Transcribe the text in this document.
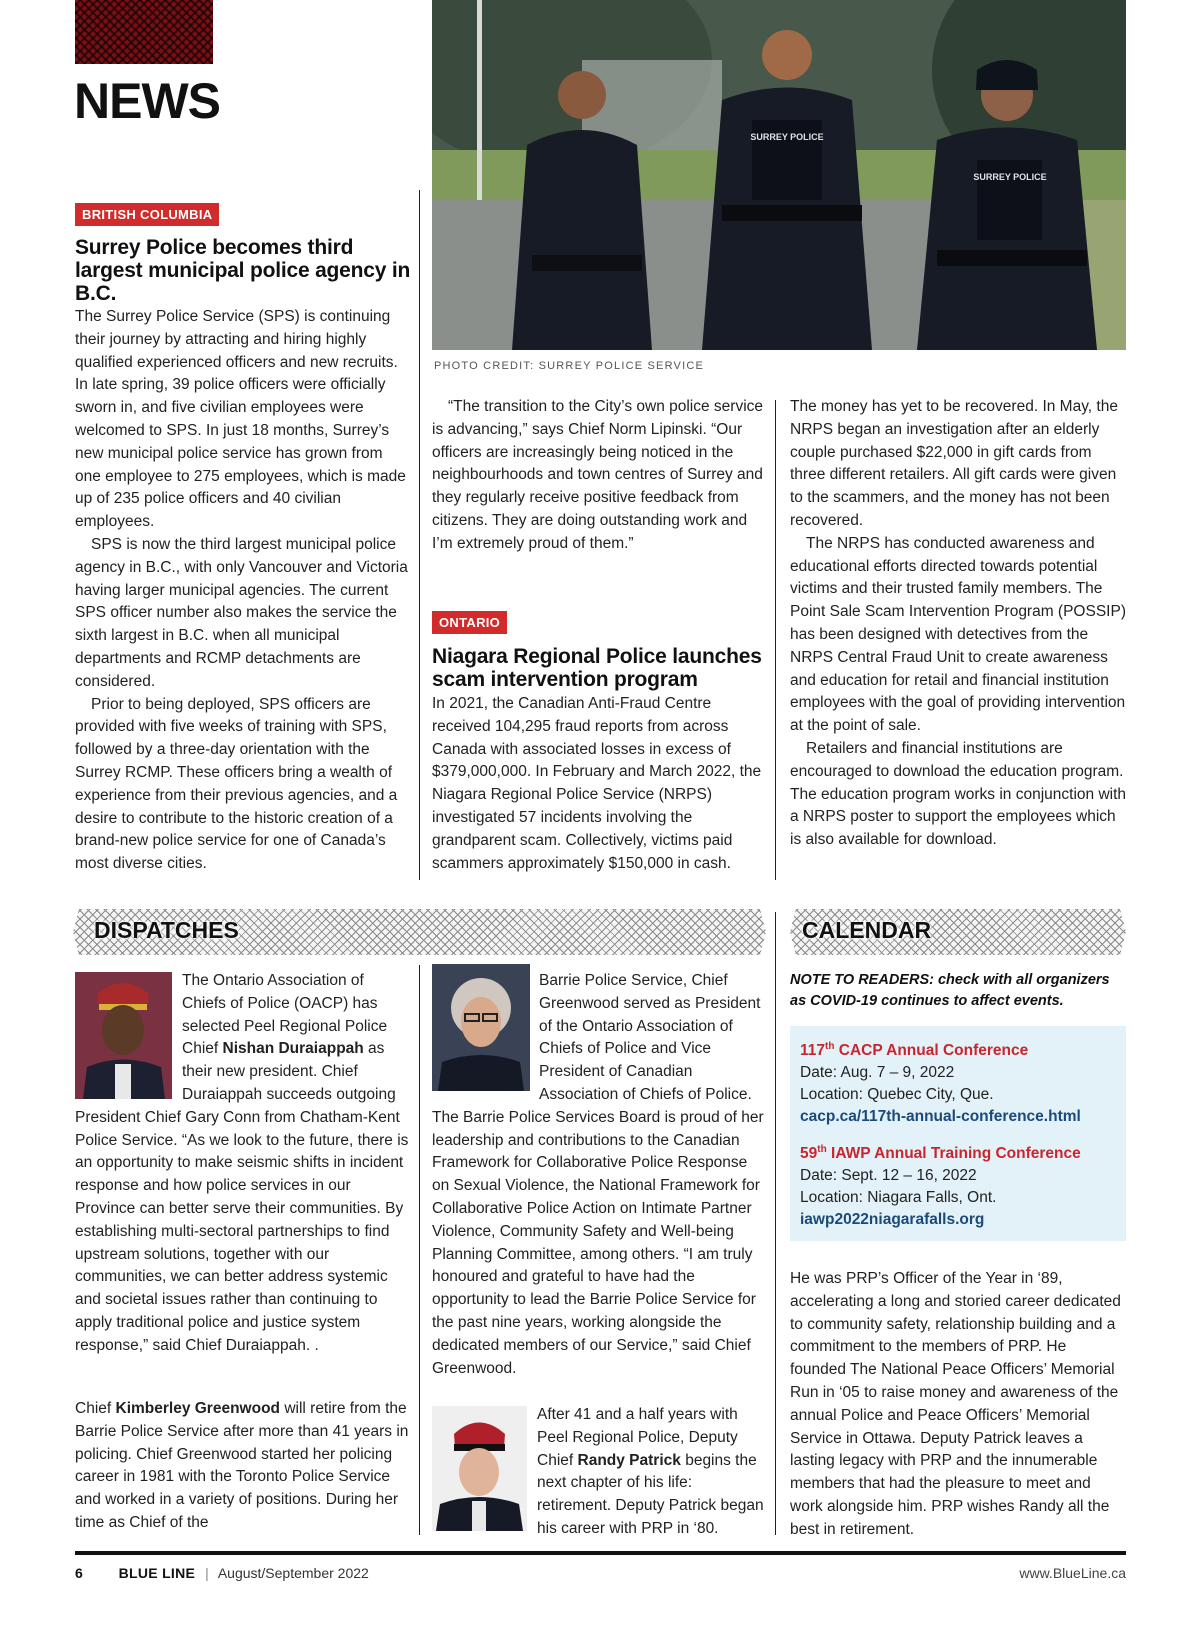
NEWS
SURREY POLICE
SURREY POLICE
PHOTO CREDIT: SURREY POLICE SERVICE
BRITISH COLUMBIA
Surrey Police becomes third largest municipal police agency in B.C.

The Surrey Police Service (SPS) is continuing their journey by attracting and hiring highly qualified experienced officers and new recruits. In late spring, 39 police officers were officially sworn in, and five civilian employees were welcomed to SPS. In just 18 months, Surrey’s new municipal police service has grown from one employee to 275 employees, which is made up of 235 police officers and 40 civilian employees.

SPS is now the third largest municipal police agency in B.C., with only Vancouver and Victoria having larger municipal agencies. The current SPS officer number also makes the service the sixth largest in B.C. when all municipal departments and RCMP detachments are considered.

Prior to being deployed, SPS officers are provided with five weeks of training with SPS, followed by a three-day orientation with the Surrey RCMP. These officers bring a wealth of experience from their previous agencies, and a desire to contribute to the historic creation of a brand-new police service for one of Canada’s most diverse cities.

“The transition to the City’s own police service is advancing,” says Chief Norm Lipinski. “Our officers are increasingly being noticed in the neighbourhoods and town centres of Surrey and they regularly receive positive feedback from citizens. They are doing outstanding work and I’m extremely proud of them.”

ONTARIO
Niagara Regional Police launches scam intervention program

In 2021, the Canadian Anti-Fraud Centre received 104,295 fraud reports from across Canada with associated losses in excess of $379,000,000. In February and March 2022, the Niagara Regional Police Service (NRPS) investigated 57 incidents involving the grandparent scam. Collectively, victims paid scammers approximately $150,000 in cash.

The money has yet to be recovered. In May, the NRPS began an investigation after an elderly couple purchased $22,000 in gift cards from three different retailers. All gift cards were given to the scammers, and the money has not been recovered.

The NRPS has conducted awareness and educational efforts directed towards potential victims and their trusted family members. The Point Sale Scam Intervention Program (POSSIP) has been designed with detectives from the NRPS Central Fraud Unit to create awareness and education for retail and financial institution employees with the goal of providing intervention at the point of sale.

Retailers and financial institutions are encouraged to download the education program. The education program works in conjunction with a NRPS poster to support the employees which is also available for download.

DISPATCHES	CALENDAR

The Ontario Association of Chiefs of Police (OACP) has selected Peel Regional Police Chief Nishan Duraiappah as their new president. Chief Duraiappah succeeds outgoing President Chief Gary Conn from Chatham-Kent Police Service. “As we look to the future, there is an opportunity to make seismic shifts in incident response and how police services in our Province can better serve their communities. By establishing multi-sectoral partnerships to find upstream solutions, together with our communities, we can better address systemic and societal issues rather than continuing to apply traditional police and justice system response,” said Chief Duraiappah. .

Chief Kimberley Greenwood will retire from the Barrie Police Service after more than 41 years in policing. Chief Greenwood started her policing career in 1981 with the Toronto Police Service and worked in a variety of positions. During her time as Chief of the

Barrie Police Service, Chief Greenwood served as President of the Ontario Association of Chiefs of Police and Vice President of Canadian Association of Chiefs of Police. The Barrie Police Services Board is proud of her leadership and contributions to the Canadian Framework for Collaborative Police Response on Sexual Violence, the National Framework for Collaborative Police Action on Intimate Partner Violence, Community Safety and Well-being Planning Committee, among others. “I am truly honoured and grateful to have had the opportunity to lead the Barrie Police Service for the past nine years, working alongside the dedicated members of our Service,” said Chief Greenwood.

After 41 and a half years with Peel Regional Police, Deputy Chief Randy Patrick begins the next chapter of his life: retirement. Deputy Patrick began his career with PRP in ‘80.

NOTE TO READERS: check with all organizers as COVID-19 continues to affect events.
117th CACP Annual Conference
Date: Aug. 7 – 9, 2022
Location: Quebec City, Que.
cacp.ca/117th-annual-conference.html
59th IAWP Annual Training Conference
Date: Sept. 12 – 16, 2022
Location: Niagara Falls, Ont.
iawp2022niagarafalls.org

He was PRP’s Officer of the Year in ‘89, accelerating a long and storied career dedicated to community safety, relationship building and a commitment to the members of PRP. He founded The National Peace Officers’ Memorial Run in ‘05 to raise money and awareness of the annual Police and Peace Officers’ Memorial Service in Ottawa. Deputy Patrick leaves a lasting legacy with PRP and the innumerable members that had the pleasure to meet and work alongside him. PRP wishes Randy all the best in retirement.

6	BLUE LINE | August/September 2022	www.BlueLine.ca
